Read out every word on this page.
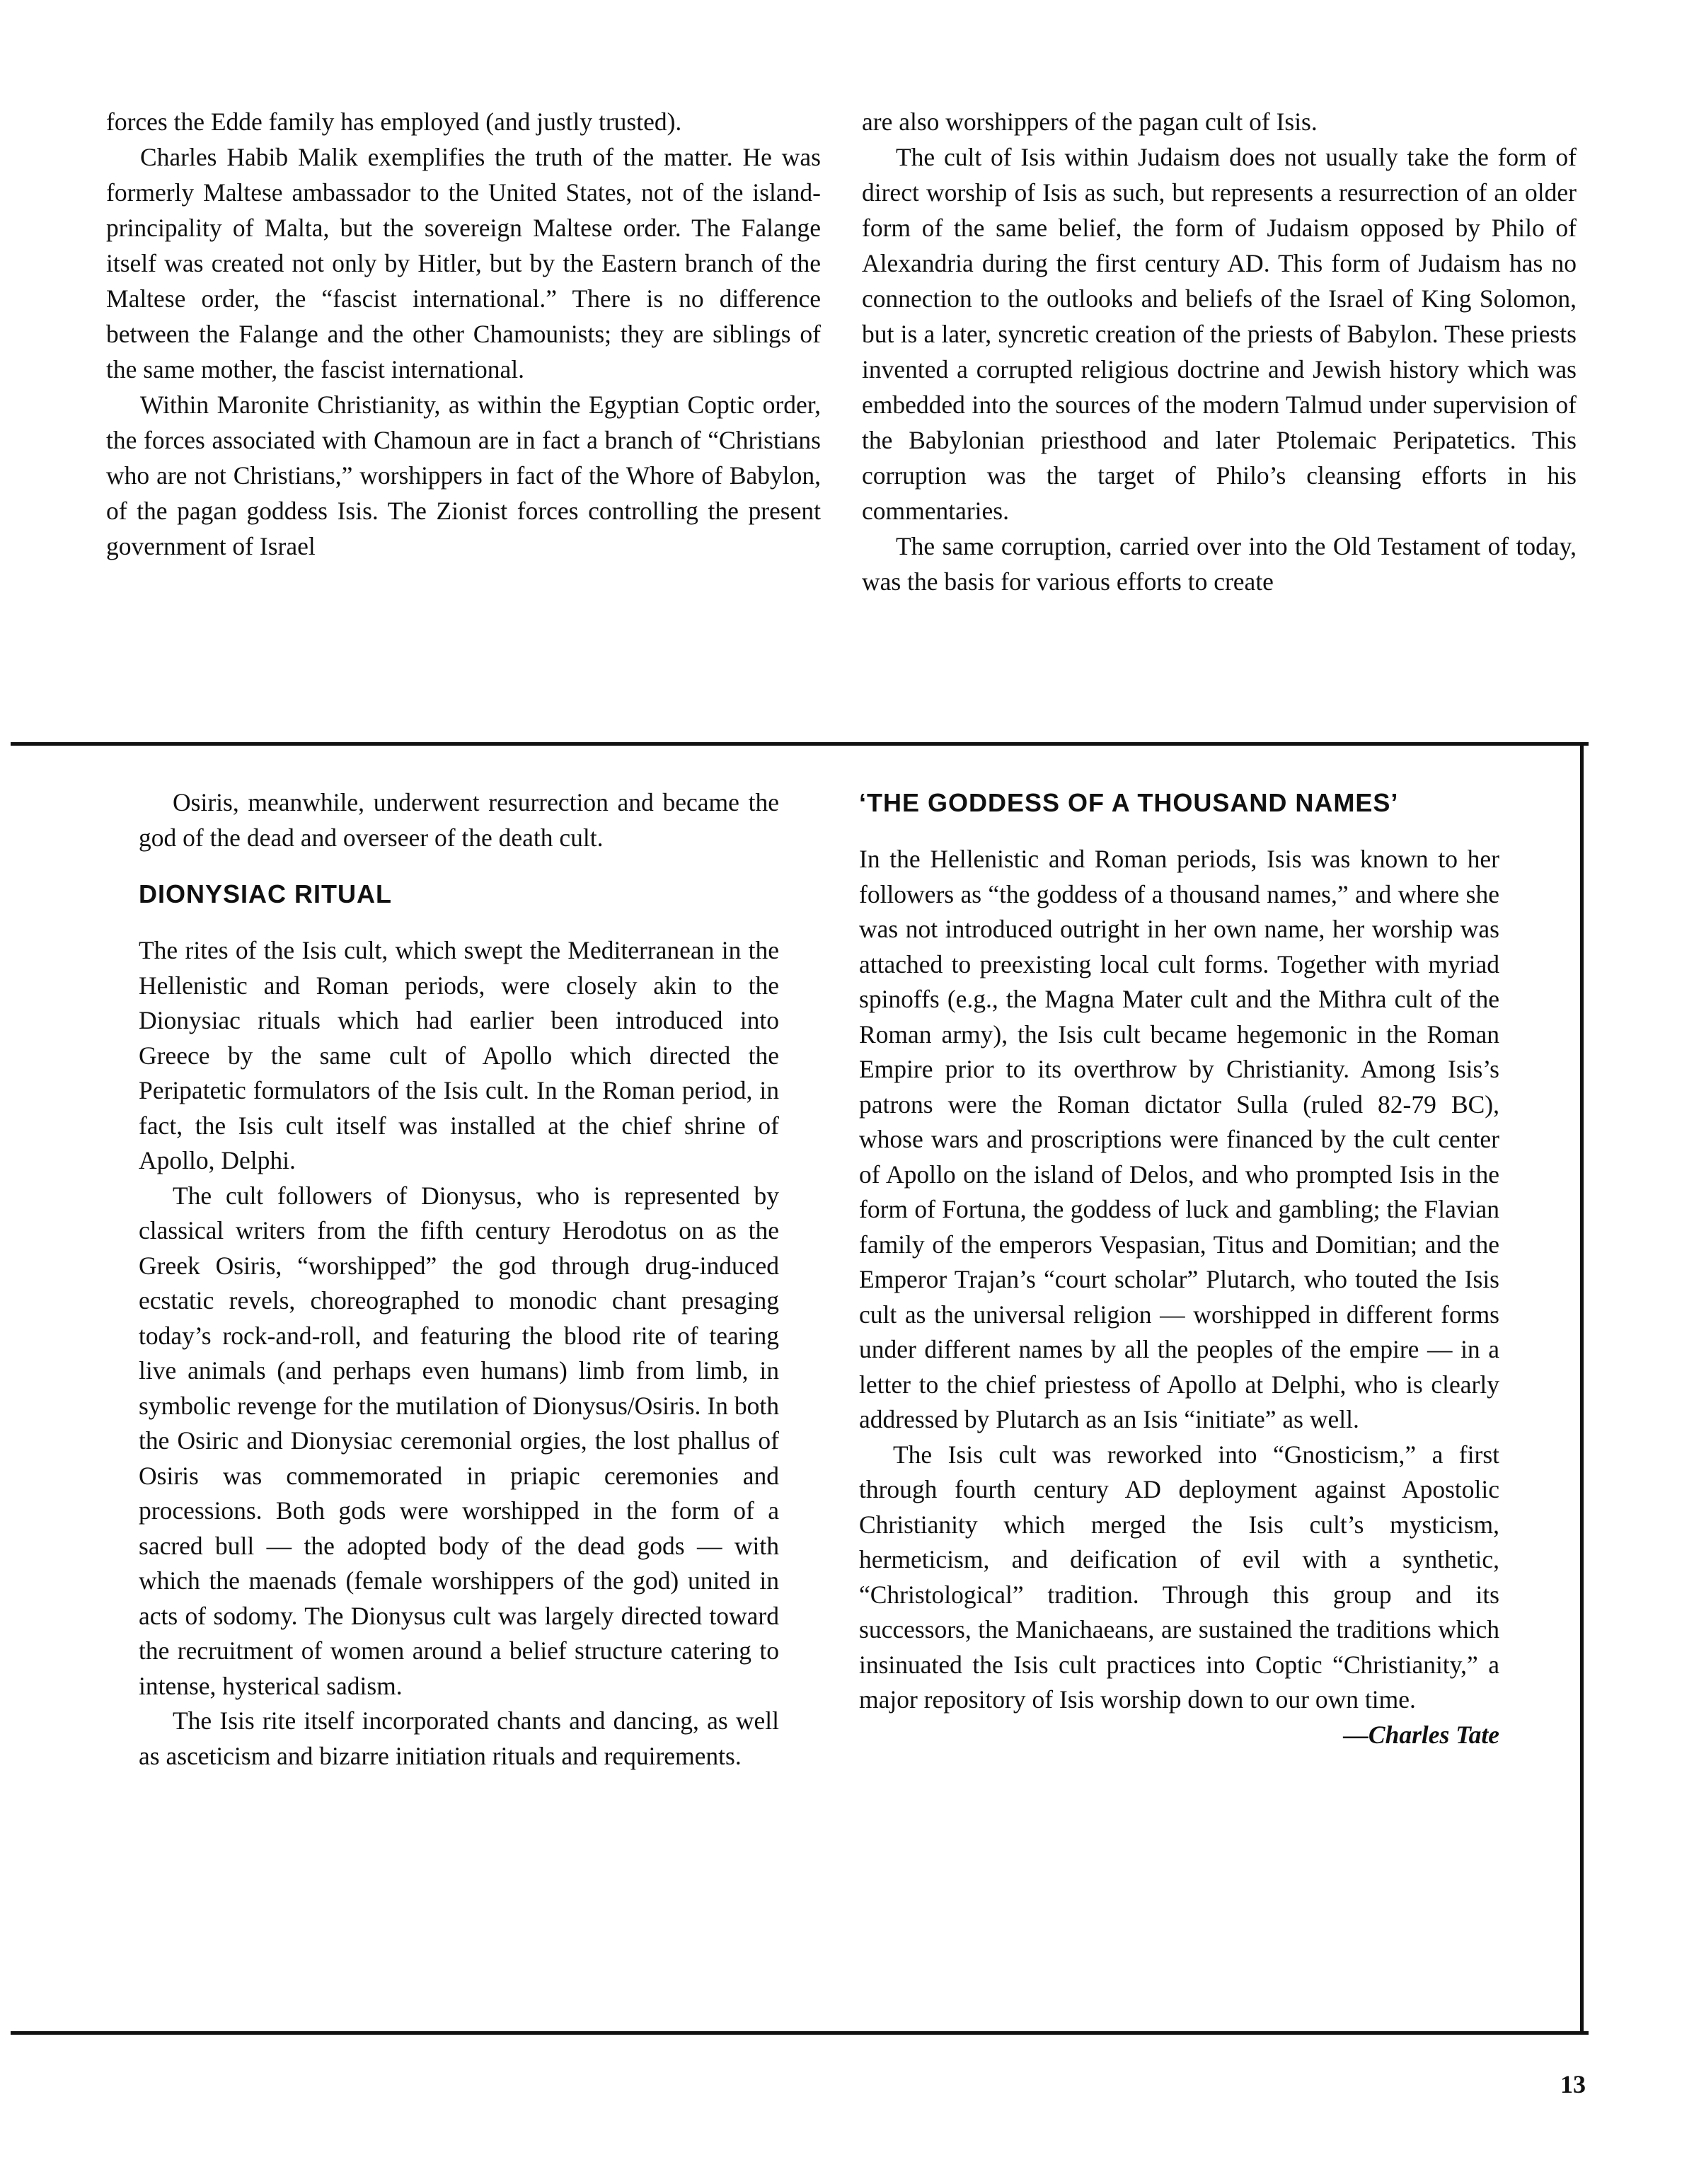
forces the Edde family has employed (and justly trusted).

Charles Habib Malik exemplifies the truth of the matter. He was formerly Maltese ambassador to the United States, not of the island-principality of Malta, but the sovereign Maltese order. The Falange itself was created not only by Hitler, but by the Eastern branch of the Maltese order, the “fascist international.” There is no difference between the Falange and the other Chamounists; they are siblings of the same mother, the fascist international.

Within Maronite Christianity, as within the Egyptian Coptic order, the forces associated with Chamoun are in fact a branch of “Christians who are not Christians,” worshippers in fact of the Whore of Babylon, of the pagan goddess Isis. The Zionist forces controlling the present government of Israel

are also worshippers of the pagan cult of Isis.

The cult of Isis within Judaism does not usually take the form of direct worship of Isis as such, but represents a resurrection of an older form of the same belief, the form of Judaism opposed by Philo of Alexandria during the first century AD. This form of Judaism has no connection to the outlooks and beliefs of the Israel of King Solomon, but is a later, syncretic creation of the priests of Babylon. These priests invented a corrupted religious doctrine and Jewish history which was embedded into the sources of the modern Talmud under supervision of the Babylonian priesthood and later Ptolemaic Peripatetics. This corruption was the target of Philo’s cleansing efforts in his commentaries.

The same corruption, carried over into the Old Testament of today, was the basis for various efforts to create

Osiris, meanwhile, underwent resurrection and became the god of the dead and overseer of the death cult.

DIONYSIAC RITUAL

The rites of the Isis cult, which swept the Mediterranean in the Hellenistic and Roman periods, were closely akin to the Dionysiac rituals which had earlier been introduced into Greece by the same cult of Apollo which directed the Peripatetic formulators of the Isis cult. In the Roman period, in fact, the Isis cult itself was installed at the chief shrine of Apollo, Delphi.

The cult followers of Dionysus, who is represented by classical writers from the fifth century Herodotus on as the Greek Osiris, “worshipped” the god through drug-induced ecstatic revels, choreographed to monodic chant presaging today’s rock-and-roll, and featuring the blood rite of tearing live animals (and perhaps even humans) limb from limb, in symbolic revenge for the mutilation of Dionysus/Osiris. In both the Osiric and Dionysiac ceremonial orgies, the lost phallus of Osiris was commemorated in priapic ceremonies and processions. Both gods were worshipped in the form of a sacred bull — the adopted body of the dead gods — with which the maenads (female worshippers of the god) united in acts of sodomy. The Dionysus cult was largely directed toward the recruitment of women around a belief structure catering to intense, hysterical sadism.

The Isis rite itself incorporated chants and dancing, as well as asceticism and bizarre initiation rituals and requirements.

‘THE GODDESS OF A THOUSAND NAMES’

In the Hellenistic and Roman periods, Isis was known to her followers as “the goddess of a thousand names,” and where she was not introduced outright in her own name, her worship was attached to preexisting local cult forms. Together with myriad spinoffs (e.g., the Magna Mater cult and the Mithra cult of the Roman army), the Isis cult became hegemonic in the Roman Empire prior to its overthrow by Christianity. Among Isis’s patrons were the Roman dictator Sulla (ruled 82-79 BC), whose wars and proscriptions were financed by the cult center of Apollo on the island of Delos, and who prompted Isis in the form of Fortuna, the goddess of luck and gambling; the Flavian family of the emperors Vespasian, Titus and Domitian; and the Emperor Trajan’s “court scholar” Plutarch, who touted the Isis cult as the universal religion — worshipped in different forms under different names by all the peoples of the empire — in a letter to the chief priestess of Apollo at Delphi, who is clearly addressed by Plutarch as an Isis “initiate” as well.

The Isis cult was reworked into “Gnosticism,” a first through fourth century AD deployment against Apostolic Christianity which merged the Isis cult’s mysticism, hermeticism, and deification of evil with a synthetic, “Christological” tradition. Through this group and its successors, the Manichaeans, are sustained the traditions which insinuated the Isis cult practices into Coptic “Christianity,” a major repository of Isis worship down to our own time.

—Charles Tate

13
